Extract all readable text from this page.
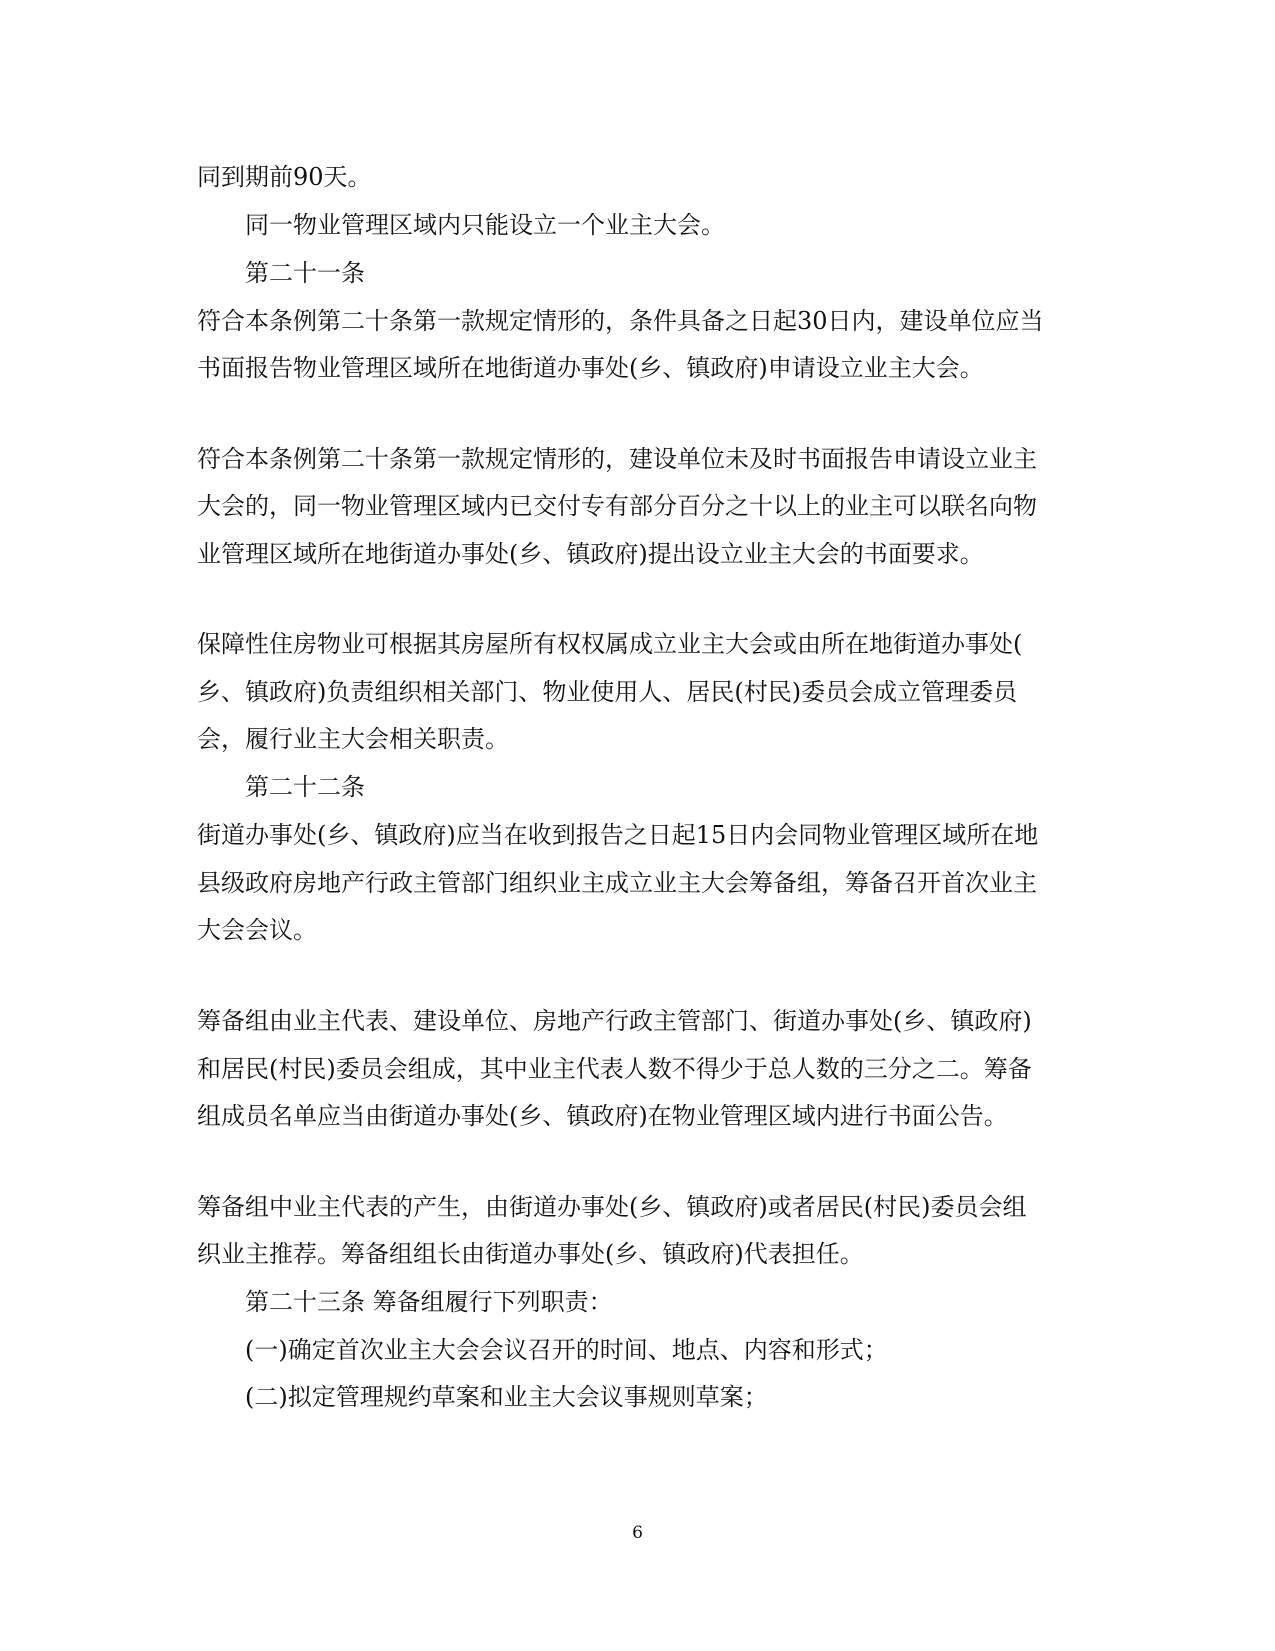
同到期前90天。
同一物业管理区域内只能设立一个业主大会。
第二十一条
符合本条例第二十条第一款规定情形的，条件具备之日起30日内，建设单位应当
书面报告物业管理区域所在地街道办事处(乡、镇政府)申请设立业主大会。
符合本条例第二十条第一款规定情形的，建设单位未及时书面报告申请设立业主
大会的，同一物业管理区域内已交付专有部分百分之十以上的业主可以联名向物
业管理区域所在地街道办事处(乡、镇政府)提出设立业主大会的书面要求。
保障性住房物业可根据其房屋所有权权属成立业主大会或由所在地街道办事处(
乡、镇政府)负责组织相关部门、物业使用人、居民(村民)委员会成立管理委员
会，履行业主大会相关职责。
第二十二条
街道办事处(乡、镇政府)应当在收到报告之日起15日内会同物业管理区域所在地
县级政府房地产行政主管部门组织业主成立业主大会筹备组，筹备召开首次业主
大会会议。
筹备组由业主代表、建设单位、房地产行政主管部门、街道办事处(乡、镇政府)
和居民(村民)委员会组成，其中业主代表人数不得少于总人数的三分之二。筹备
组成员名单应当由街道办事处(乡、镇政府)在物业管理区域内进行书面公告。
筹备组中业主代表的产生，由街道办事处(乡、镇政府)或者居民(村民)委员会组
织业主推荐。筹备组组长由街道办事处(乡、镇政府)代表担任。
第二十三条 筹备组履行下列职责：
(一)确定首次业主大会会议召开的时间、地点、内容和形式；
(二)拟定管理规约草案和业主大会议事规则草案；
6
